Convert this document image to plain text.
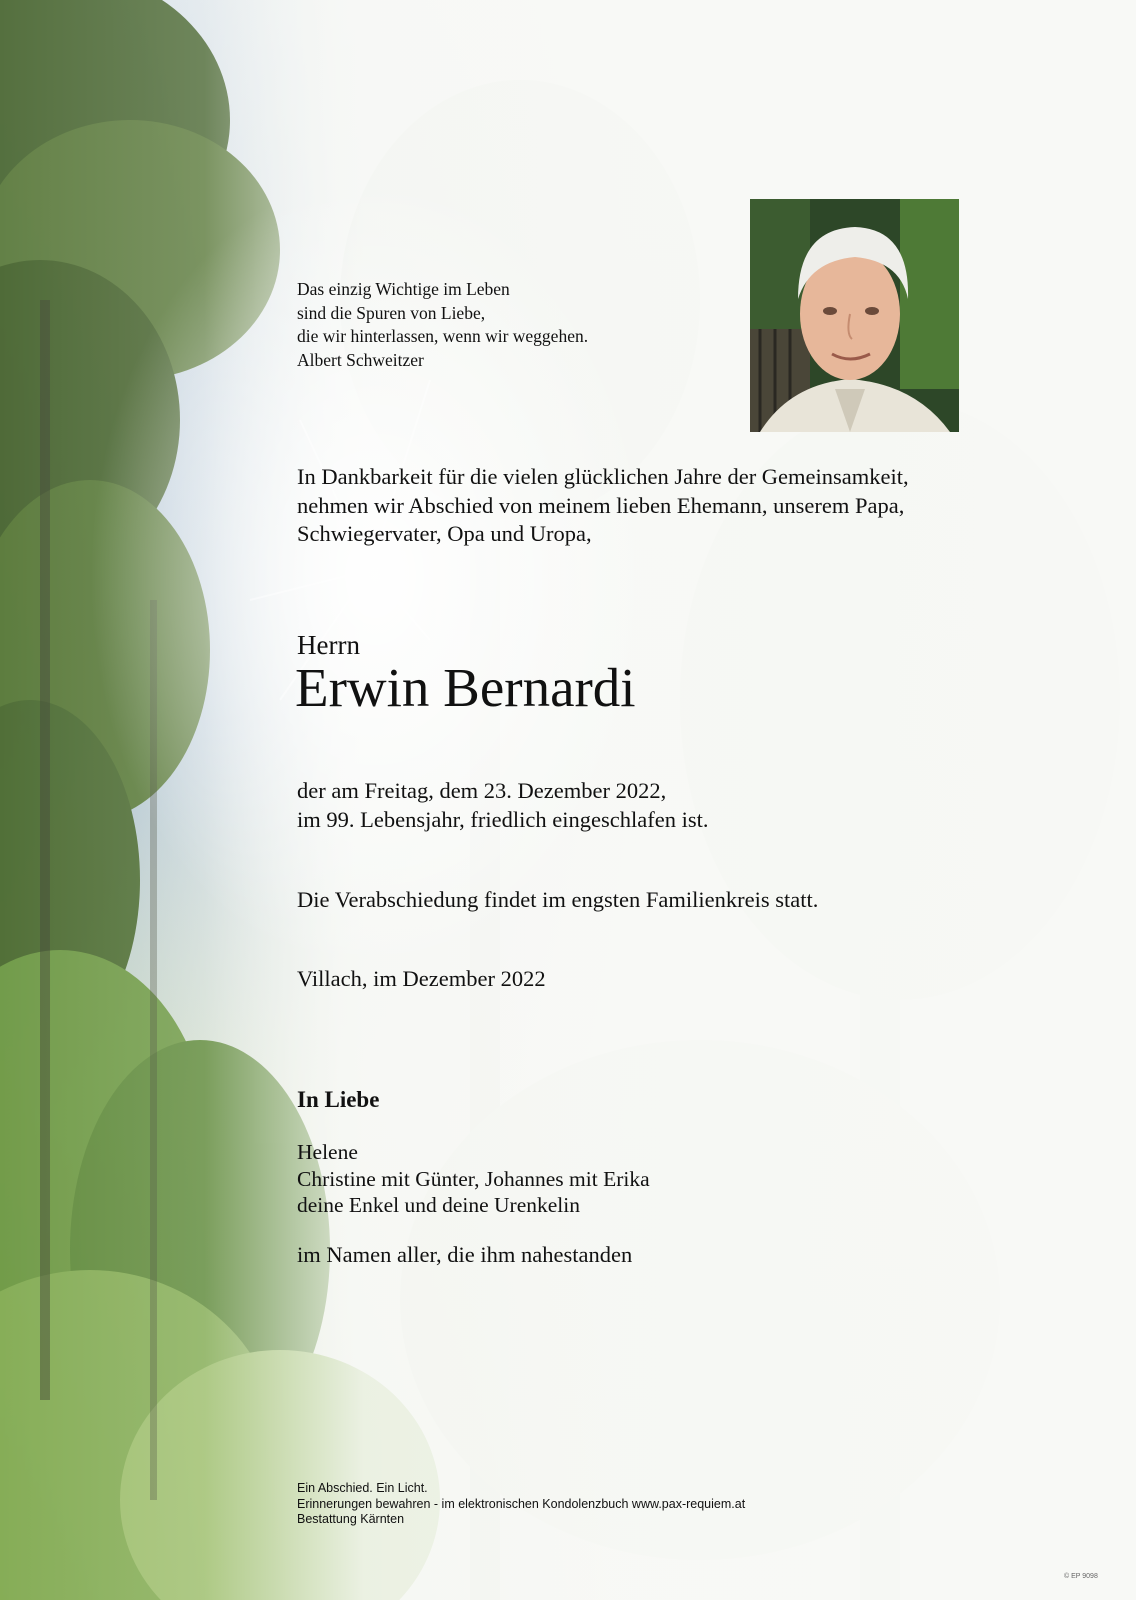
Das einzig Wichtige im Leben
sind die Spuren von Liebe,
die wir hinterlassen, wenn wir weggehen.
Albert Schweitzer
In Dankbarkeit für die vielen glücklichen Jahre der Gemeinsamkeit,
nehmen wir Abschied von meinem lieben Ehemann, unserem Papa,
Schwiegervater, Opa und Uropa,
Herrn
Erwin Bernardi
der am Freitag, dem 23. Dezember 2022,
im 99. Lebensjahr, friedlich eingeschlafen ist.
Die Verabschiedung findet im engsten Familienkreis statt.
Villach, im Dezember 2022
In Liebe
Helene
Christine mit Günter, Johannes mit Erika
deine Enkel und deine Urenkelin
im Namen aller, die ihm nahestanden
Ein Abschied. Ein Licht.
Erinnerungen bewahren - im elektronischen Kondolenzbuch www.pax-requiem.at
Bestattung Kärnten
© EP 9098
